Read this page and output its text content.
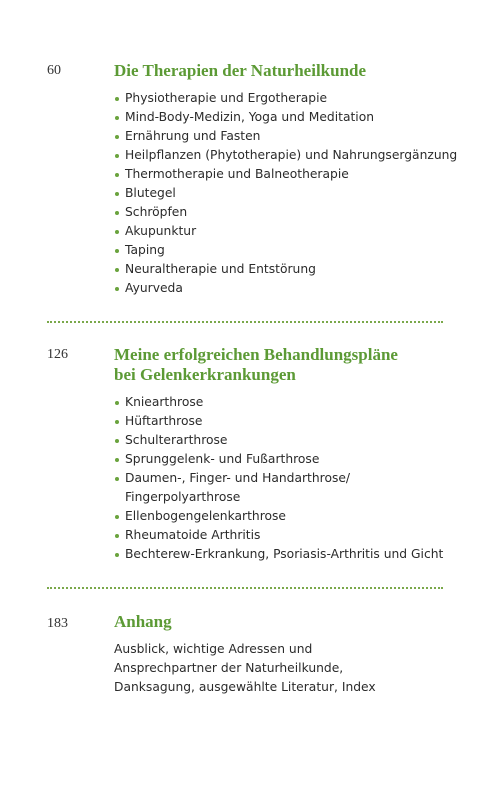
60	Die Therapien der Naturheilkunde
Physiotherapie und Ergotherapie
Mind-Body-Medizin, Yoga und Meditation
Ernährung und Fasten
Heilpflanzen (Phytotherapie) und Nahrungsergänzung
Thermotherapie und Balneotherapie
Blutegel
Schröpfen
Akupunktur
Taping
Neuraltherapie und Entstörung
Ayurveda
126	Meine erfolgreichen Behandlungspläne
bei Gelenkerkrankungen
Kniearthrose
Hüftarthrose
Schulterarthrose
Sprunggelenk- und Fußarthrose
Daumen-, Finger- und Handarthrose/
Fingerpolyarthrose
Ellenbogengelenkarthrose
Rheumatoide Arthritis
Bechterew-Erkrankung, Psoriasis-Arthritis und Gicht
183	Anhang

Ausblick, wichtige Adressen und
Ansprechpartner der Naturheilkunde,
Danksagung, ausgewählte Literatur, Index
